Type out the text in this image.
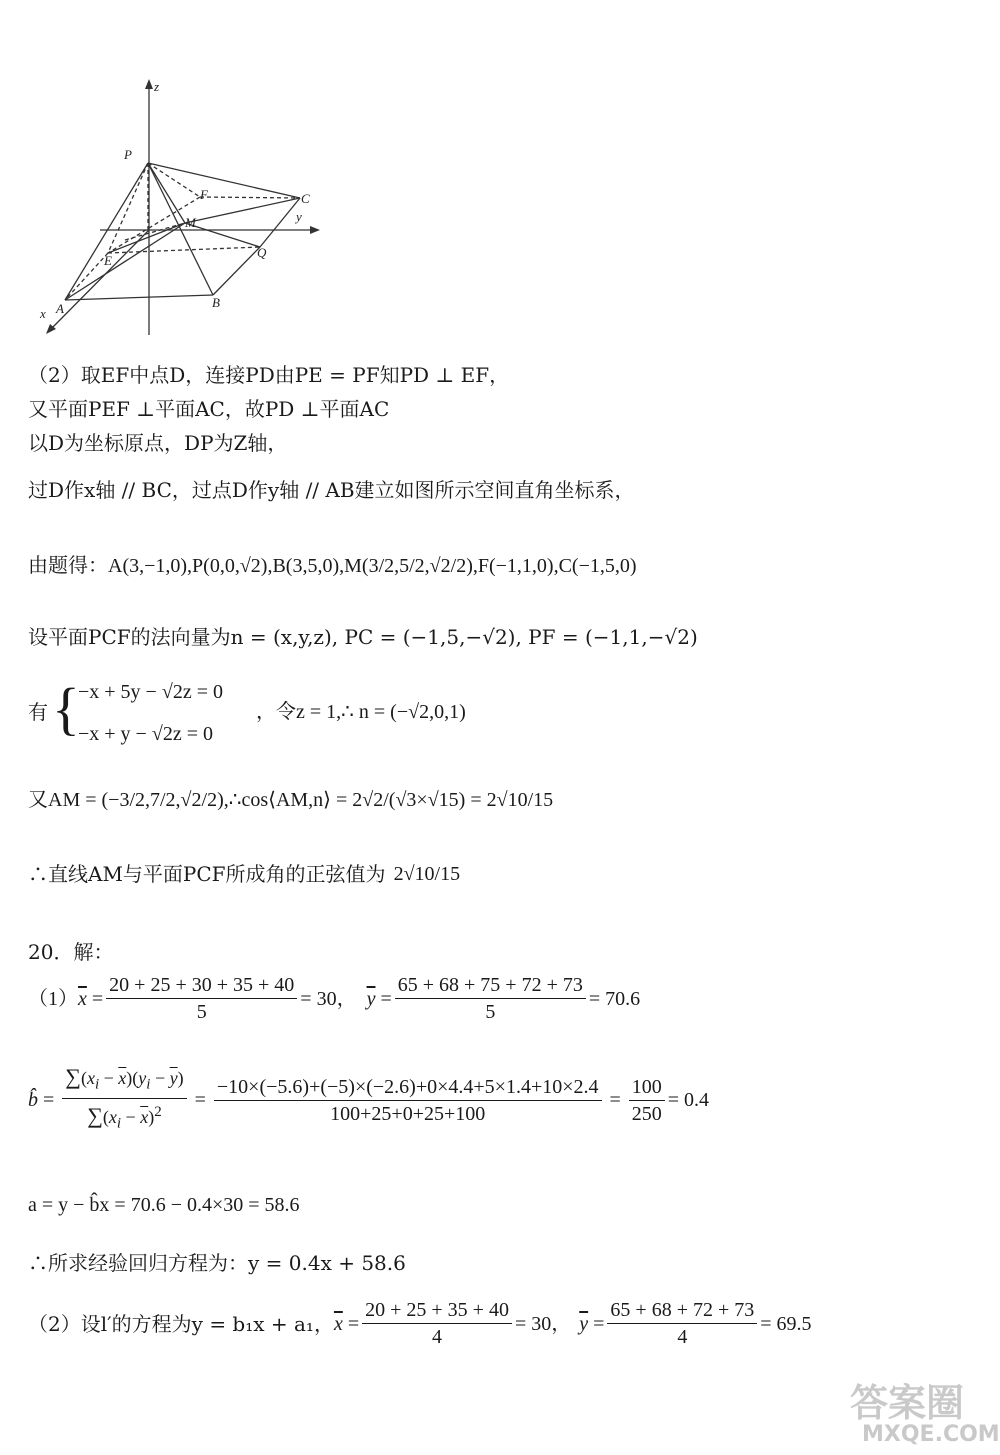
z
P
F	C
y
M
E
Q
A	B
x
（2）取EF中点D，连接PD由PE = PF知PD ⊥ EF，
又平面PEF ⊥平面AC，故PD ⊥平面AC
以D为坐标原点，DP为Z轴，
过D作x轴 // BC，过点D作y轴 // AB建立如图所示空间直角坐标系，
由题得：A(3,−1,0),P(0,0,√2),B(3,5,0),M(3/2,5/2,√2/2),F(−1,1,0),C(−1,5,0)
设平面PCF的法向量为n = (x,y,z), PC = (−1,5,−√2), PF = (−1,1,−√2)
有 {
−x + 5y − √2z = 0
−x + y − √2z = 0
，令z = 1,∴ n = (−√2,0,1)
又AM = (−3/2,7/2,√2/2),∴cos⟨AM,n⟩ = 2√2/(√3×√15) = 2√10/15
∴直线AM与平面PCF所成角的正弦值为 2√10/15
20．解：
（1） $\overline{x} = \frac{20 + 25 + 30 + 35 + 40}{5} = 30$， $\overline{y} = \frac{65 + 68 + 75 + 72 + 73}{5} = 70.6$
b̂ = $\frac{\sum(x_i - \overline{x})(y_i - \overline{y})}{\sum(x_i - \overline{x})^2} = \frac{-10\times(-5.6)+(-5)\times(-2.6)+0\times 4.4+5\times 1.4+10\times 2.4}{100+25+0+25+100} = \frac{100}{250} = 0.4$
a = y − b̂x = 70.6 − 0.4×30 = 58.6
∴所求经验回归方程为：y = 0.4x + 58.6
（2）设l′的方程为y = b₁x + a₁， $\overline{x} = \frac{20 + 25 + 35 + 40}{4} = 30$， $\overline{y} = \frac{65 + 68 + 72 + 73}{4} = 69.5$
答案圈
MXQE.COM
